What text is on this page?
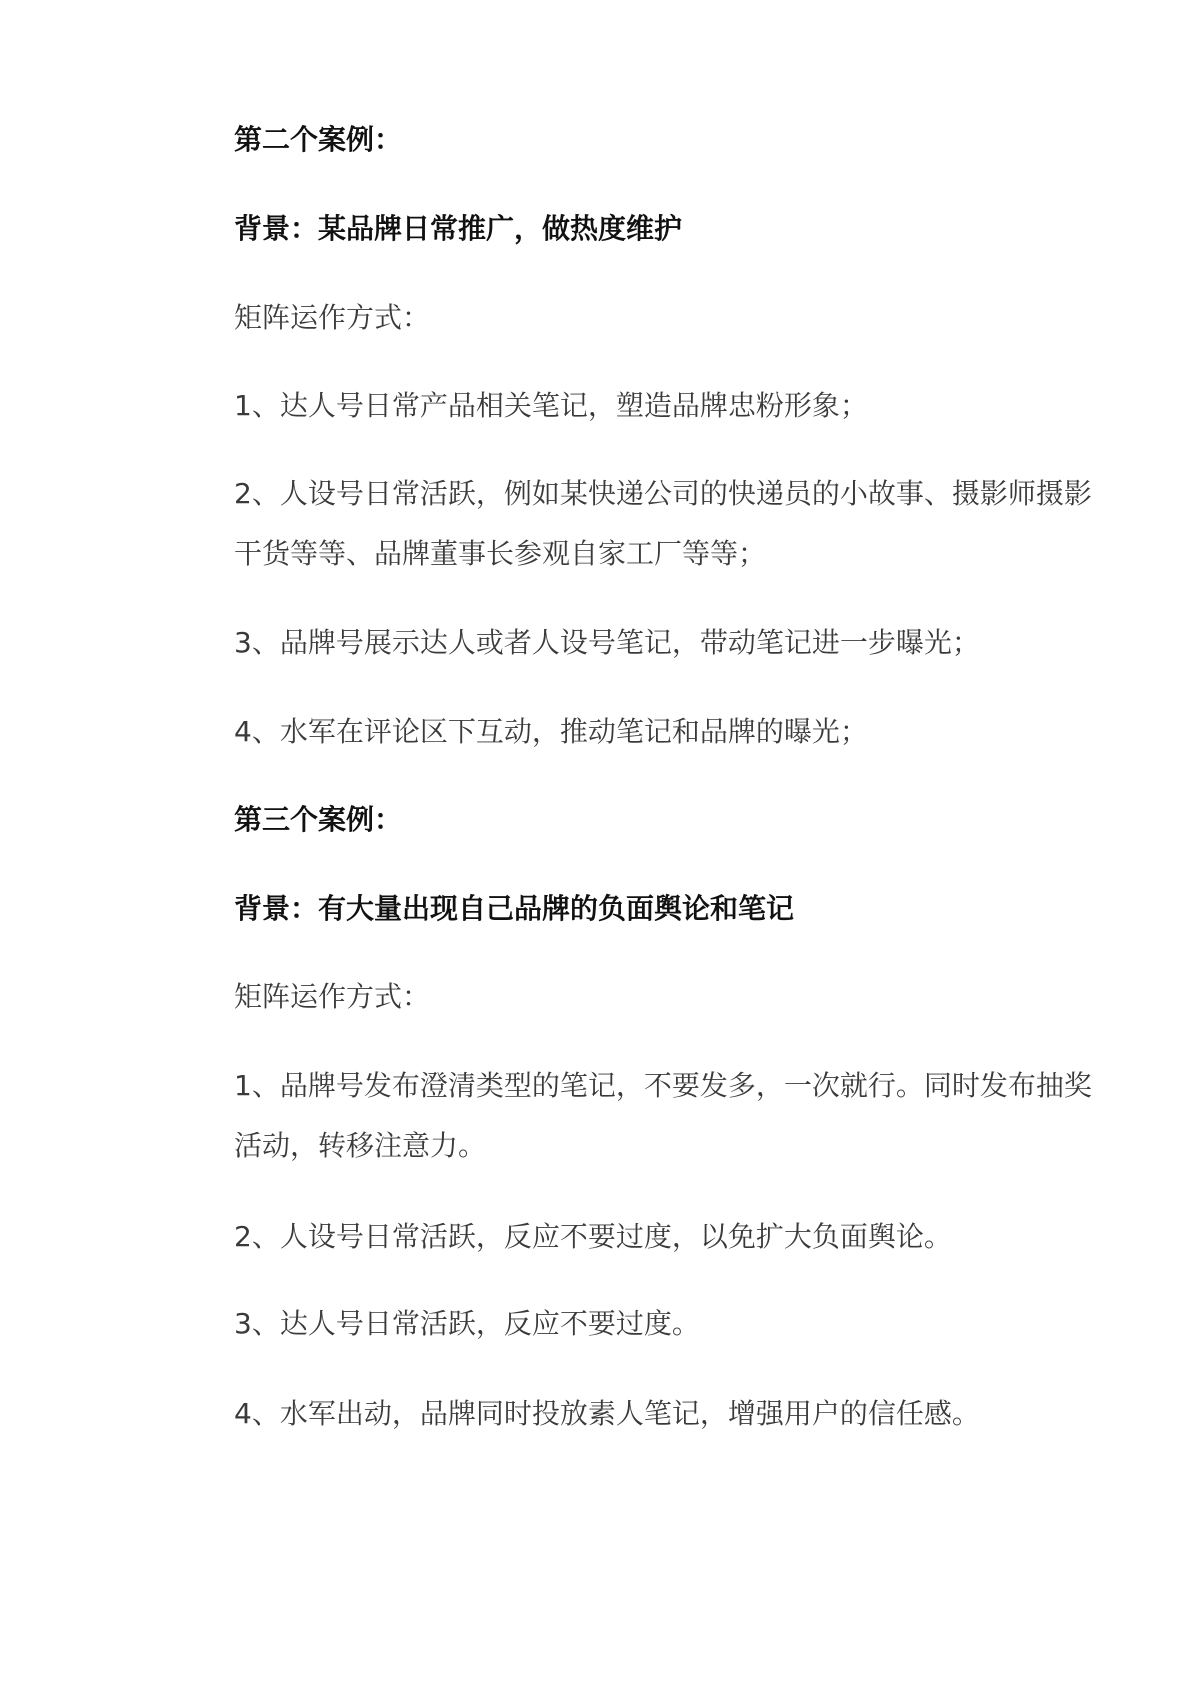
第二个案例：
背景：某品牌日常推广，做热度维护
矩阵运作方式：
1、达人号日常产品相关笔记，塑造品牌忠粉形象；
2、人设号日常活跃，例如某快递公司的快递员的小故事、摄影师摄影
干货等等、品牌董事长参观自家工厂等等；
3、品牌号展示达人或者人设号笔记，带动笔记进一步曝光；
4、水军在评论区下互动，推动笔记和品牌的曝光；
第三个案例：
背景：有大量出现自己品牌的负面舆论和笔记
矩阵运作方式：
1、品牌号发布澄清类型的笔记，不要发多，一次就行。同时发布抽奖
活动，转移注意力。
2、人设号日常活跃，反应不要过度，以免扩大负面舆论。
3、达人号日常活跃，反应不要过度。
4、水军出动，品牌同时投放素人笔记，增强用户的信任感。
